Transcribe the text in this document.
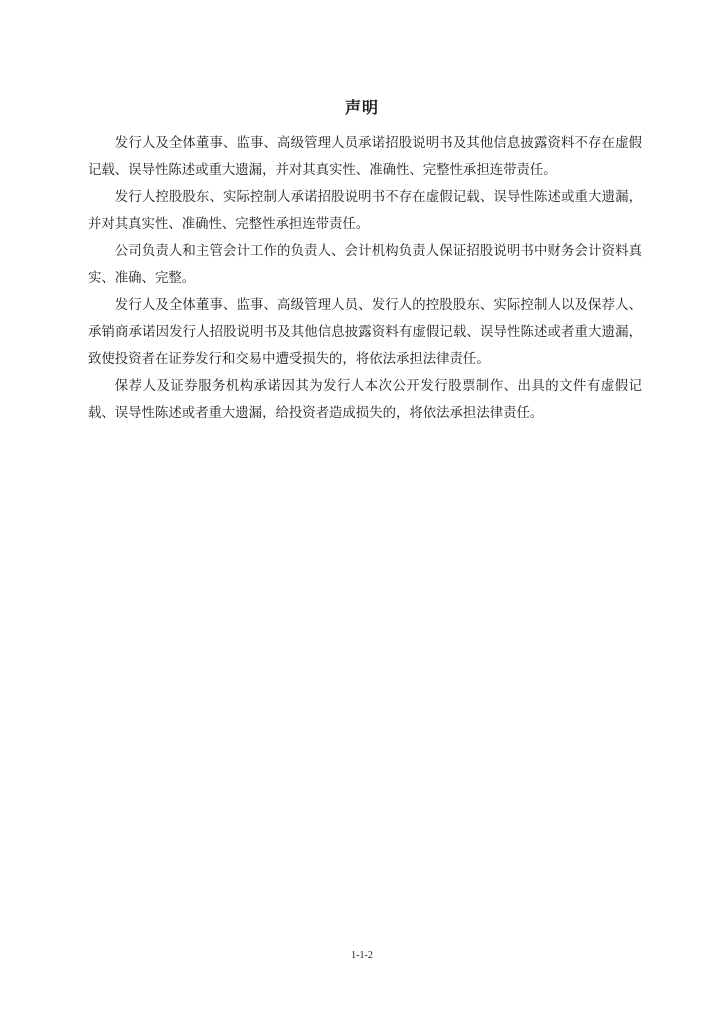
声明

发行人及全体董事、监事、高级管理人员承诺招股说明书及其他信息披露资料不存在虚假记载、误导性陈述或重大遗漏，并对其真实性、准确性、完整性承担连带责任。

发行人控股股东、实际控制人承诺招股说明书不存在虚假记载、误导性陈述或重大遗漏，并对其真实性、准确性、完整性承担连带责任。

公司负责人和主管会计工作的负责人、会计机构负责人保证招股说明书中财务会计资料真实、准确、完整。

发行人及全体董事、监事、高级管理人员、发行人的控股股东、实际控制人以及保荐人、承销商承诺因发行人招股说明书及其他信息披露资料有虚假记载、误导性陈述或者重大遗漏，致使投资者在证券发行和交易中遭受损失的，将依法承担法律责任。

保荐人及证券服务机构承诺因其为发行人本次公开发行股票制作、出具的文件有虚假记载、误导性陈述或者重大遗漏，给投资者造成损失的，将依法承担法律责任。

1-1-2
